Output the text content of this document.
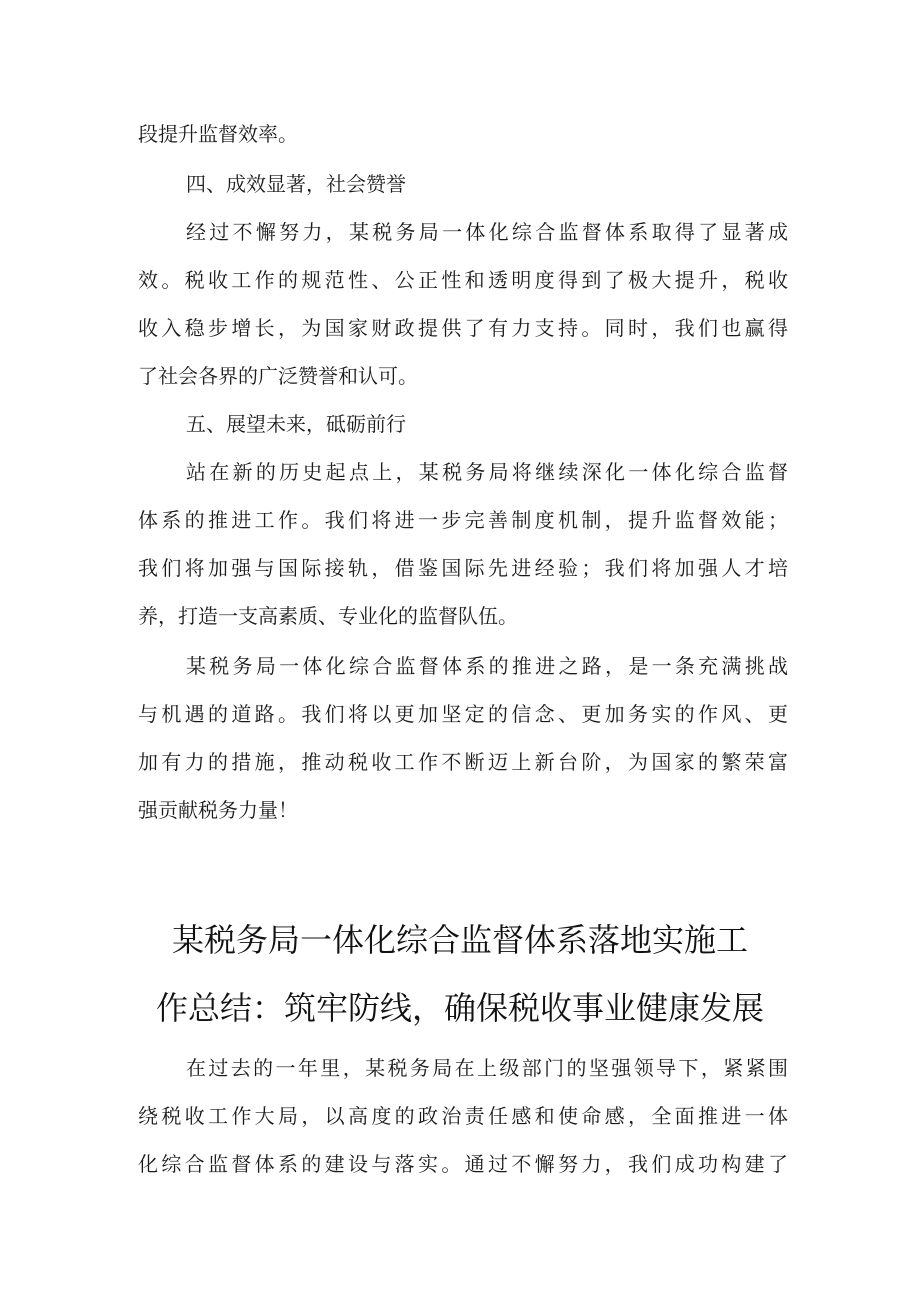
段提升监督效率。
四、成效显著，社会赞誉
经过不懈努力，某税务局一体化综合监督体系取得了显著成
效。税收工作的规范性、公正性和透明度得到了极大提升，税收
收入稳步增长，为国家财政提供了有力支持。同时，我们也赢得
了社会各界的广泛赞誉和认可。
五、展望未来，砥砺前行
站在新的历史起点上，某税务局将继续深化一体化综合监督
体系的推进工作。我们将进一步完善制度机制，提升监督效能；
我们将加强与国际接轨，借鉴国际先进经验；我们将加强人才培
养，打造一支高素质、专业化的监督队伍。
某税务局一体化综合监督体系的推进之路，是一条充满挑战
与机遇的道路。我们将以更加坚定的信念、更加务实的作风、更
加有力的措施，推动税收工作不断迈上新台阶，为国家的繁荣富
强贡献税务力量！
某税务局一体化综合监督体系落地实施工
作总结：筑牢防线，确保税收事业健康发展
在过去的一年里，某税务局在上级部门的坚强领导下，紧紧围
绕税收工作大局，以高度的政治责任感和使命感，全面推进一体
化综合监督体系的建设与落实。通过不懈努力，我们成功构建了
